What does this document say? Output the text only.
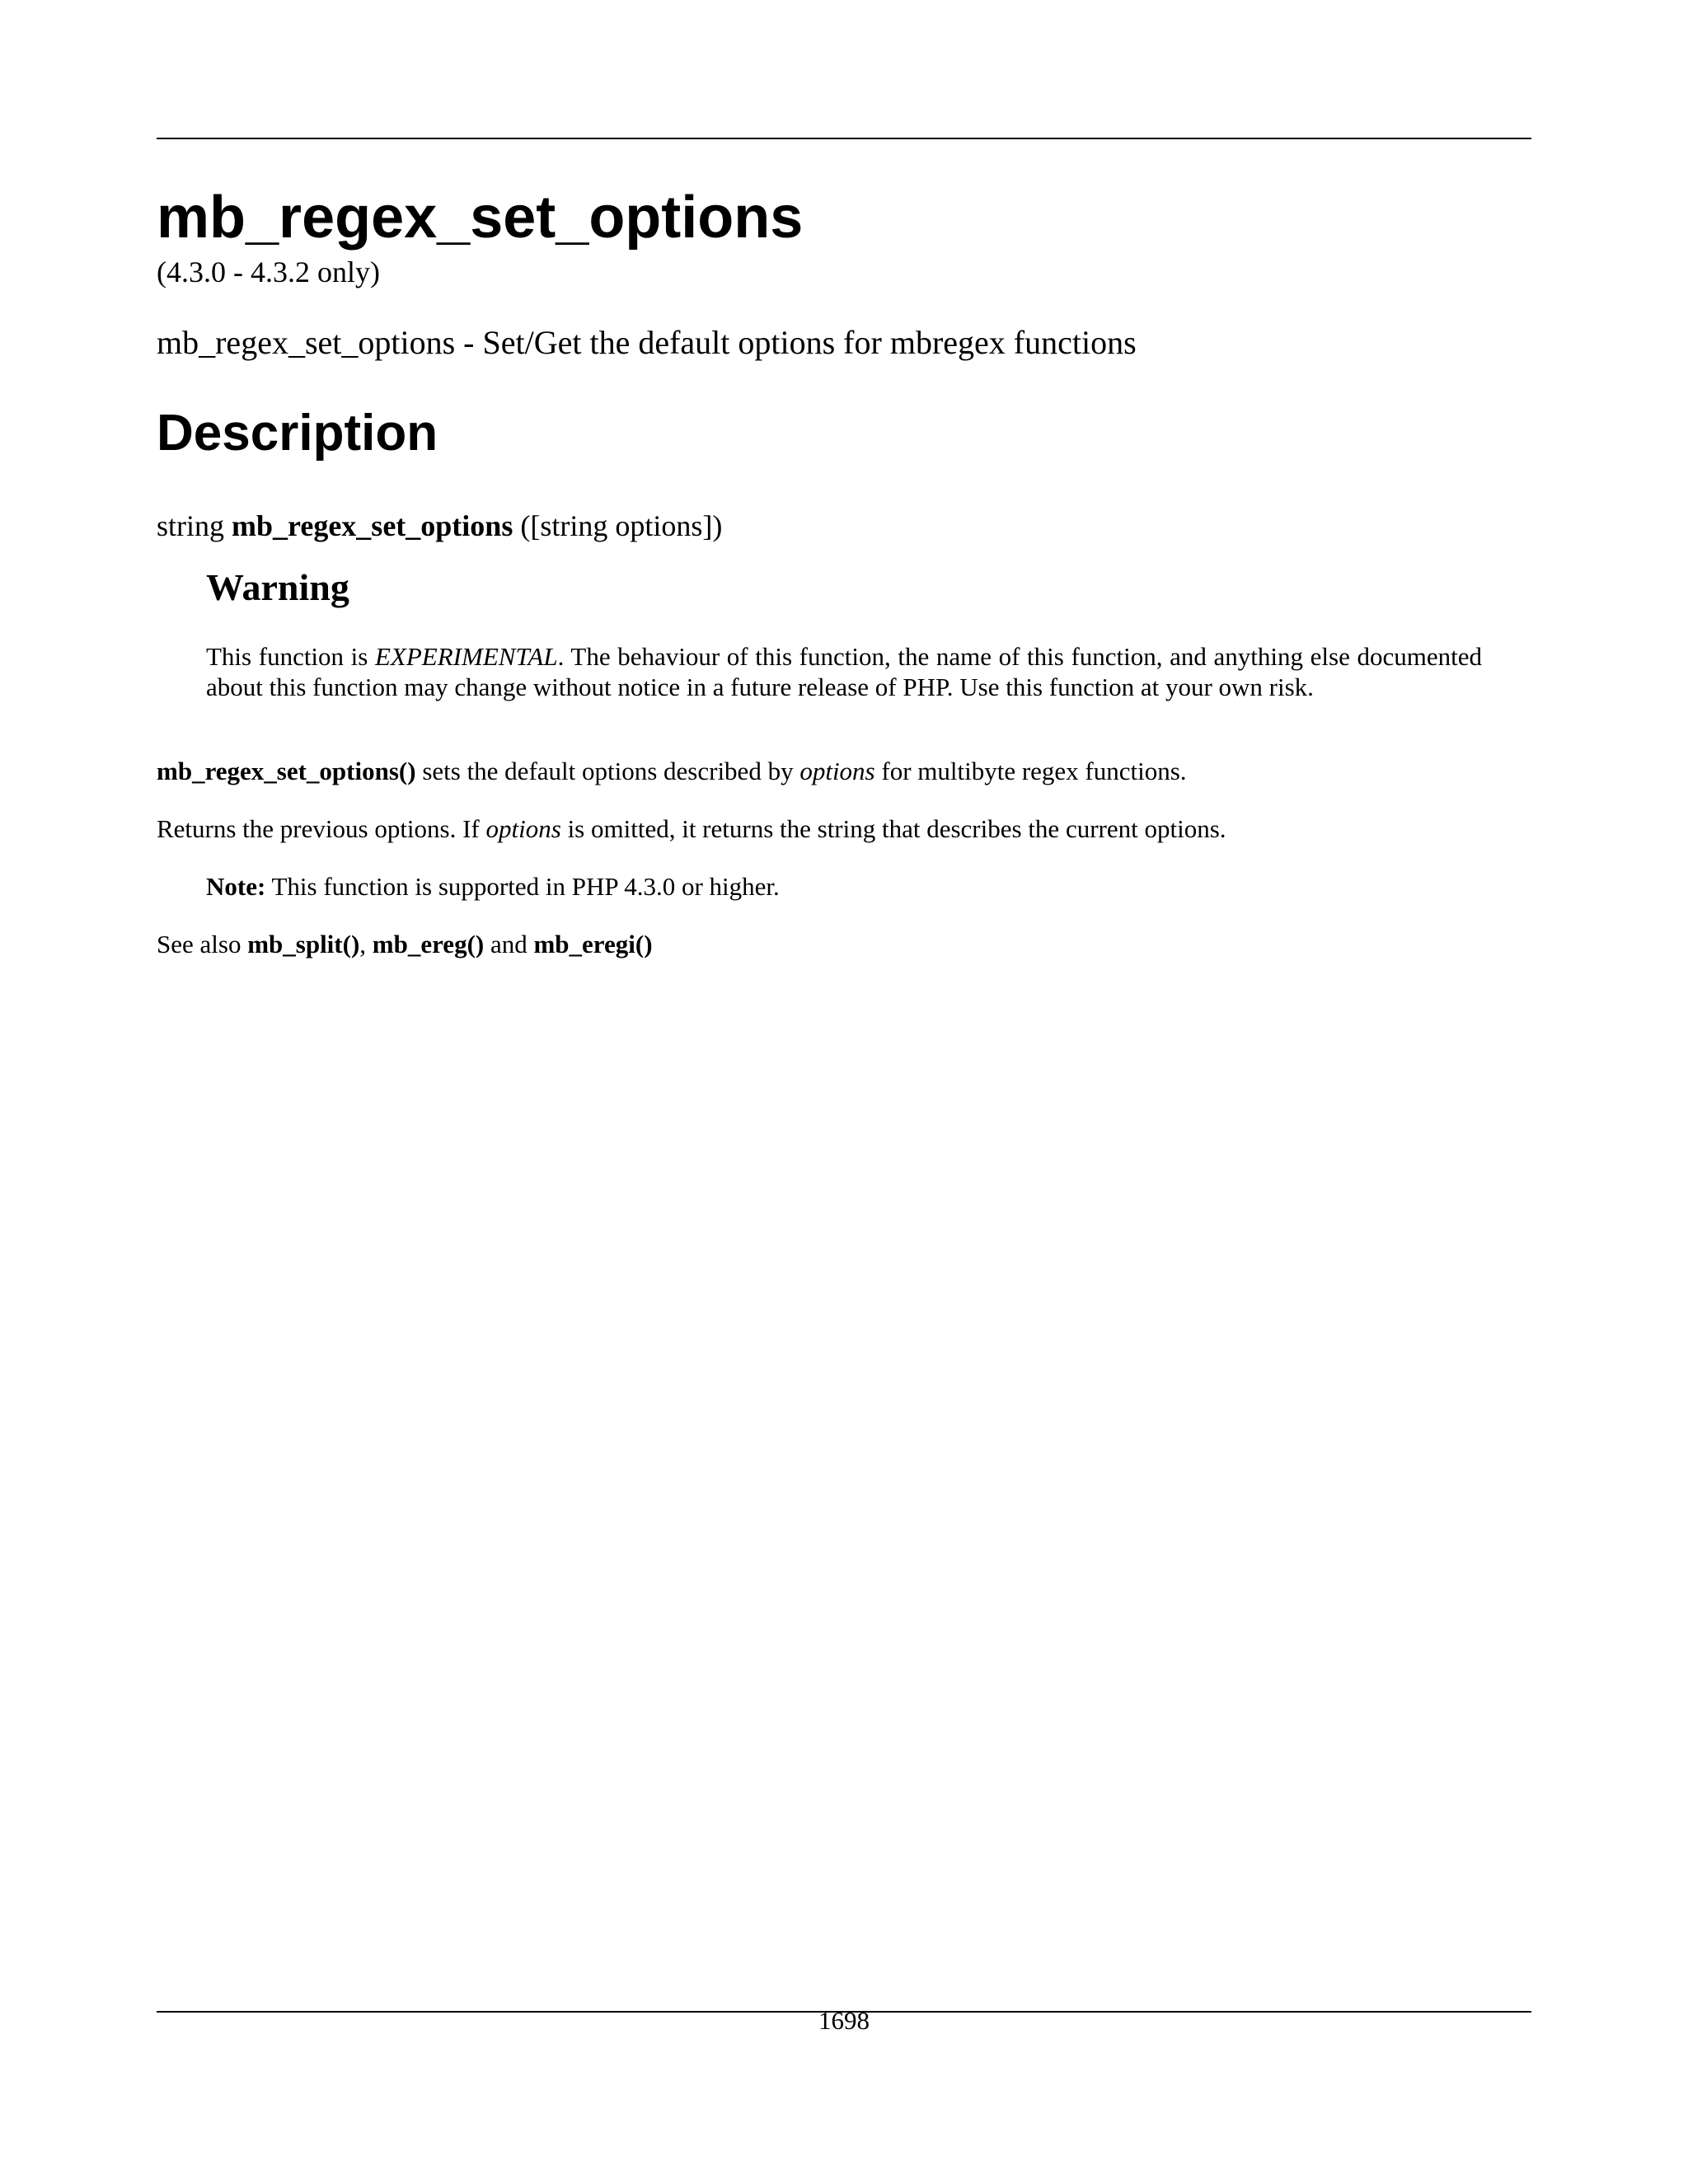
mb_regex_set_options
(4.3.0 - 4.3.2 only)
mb_regex_set_options - Set/Get the default options for mbregex functions
Description
string mb_regex_set_options ([string options])
Warning

This function is EXPERIMENTAL. The behaviour of this function, the name of this function, and anything else documented about this function may change without notice in a future release of PHP. Use this function at your own risk.

mb_regex_set_options() sets the default options described by options for multibyte regex functions.

Returns the previous options. If options is omitted, it returns the string that describes the current options.

Note: This function is supported in PHP 4.3.0 or higher.

See also mb_split(), mb_ereg() and mb_eregi()

1698
